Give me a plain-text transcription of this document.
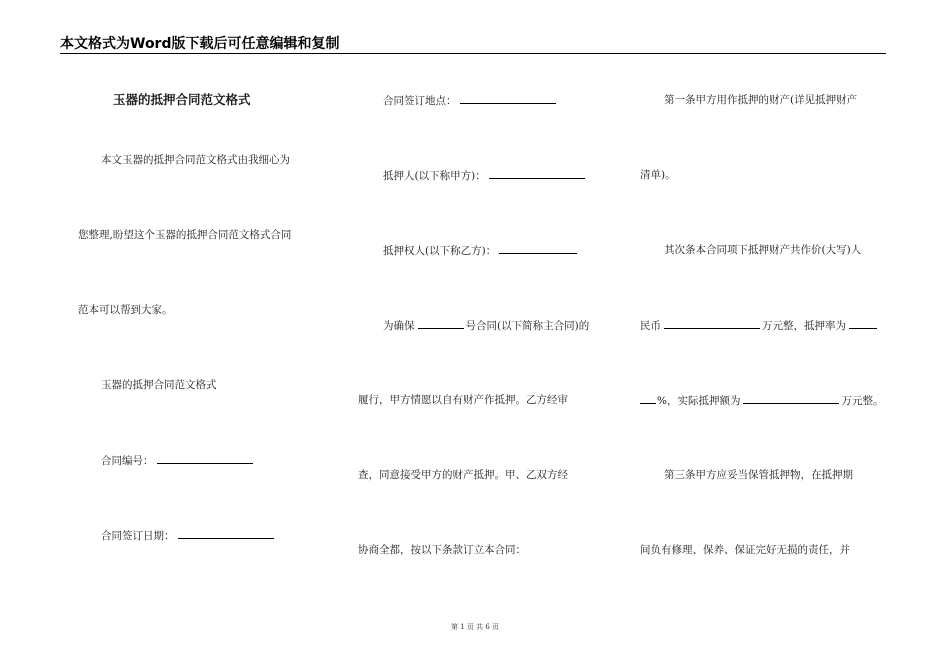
本文格式为Word版下载后可任意编辑和复制
玉器的抵押合同范文格式
本文玉器的抵押合同范文格式由我细心为
您整理,盼望这个玉器的抵押合同范文格式合同
范本可以帮到大家。
玉器的抵押合同范文格式
合同编号：
合同签订日期：
合同签订地点：
抵押人(以下称甲方)：
抵押权人(以下称乙方)：
为确保	号合同(以下简称主合同)的
履行，甲方情愿以自有财产作抵押。乙方经审
查，同意接受甲方的财产抵押。甲、乙双方经
协商全都，按以下条款订立本合同：
第一条甲方用作抵押的财产(详见抵押财产
清单)。
其次条本合同项下抵押财产共作价(大写)人
民币	万元整，抵押率为
%，实际抵押额为	万元整。
第三条甲方应妥当保管抵押物，在抵押期
间负有修理、保养、保证完好无损的责任，并
第 1 页 共 6 页
